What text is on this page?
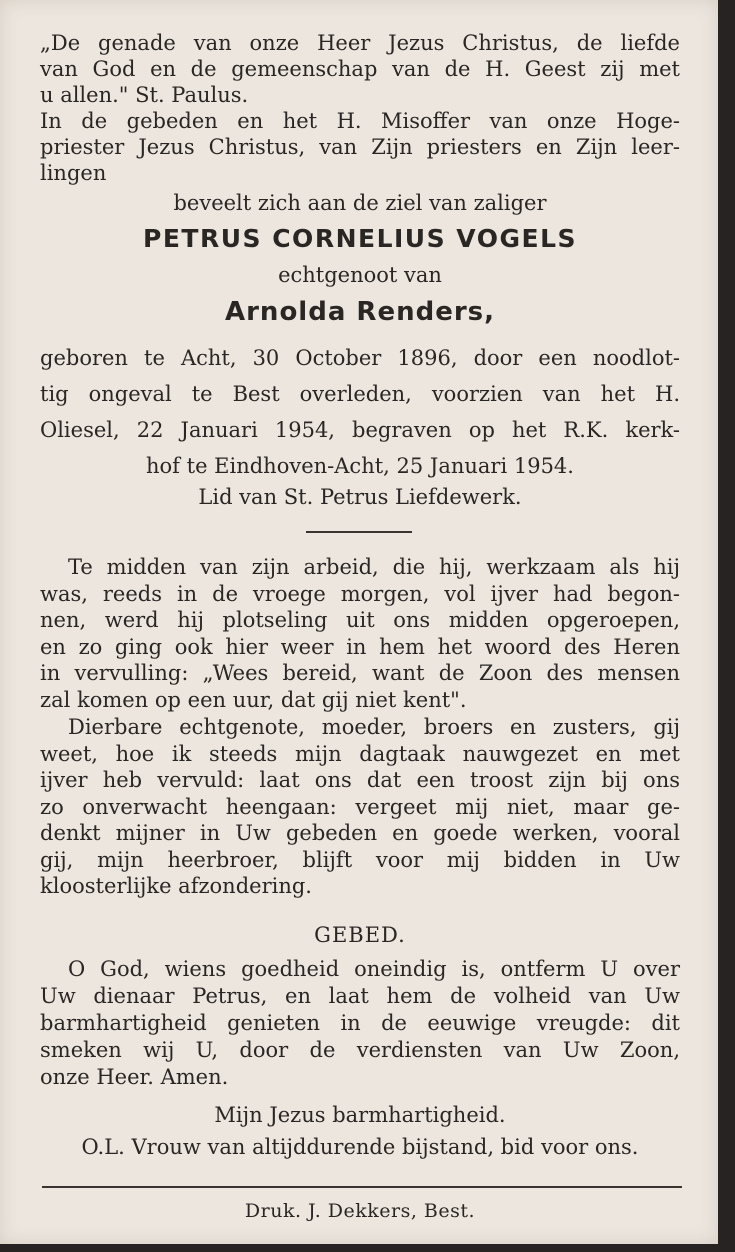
„De genade van onze Heer Jezus Christus, de liefde
van God en de gemeenschap van de H. Geest zij met
u allen." St. Paulus.
In de gebeden en het H. Misoffer van onze Hoge-
priester Jezus Christus, van Zijn priesters en Zijn leer-
lingen
beveelt zich aan de ziel van zaliger
PETRUS CORNELIUS VOGELS
echtgenoot van
Arnolda Renders,
geboren te Acht, 30 October 1896, door een noodlot-
tig ongeval te Best overleden, voorzien van het H.
Oliesel, 22 Januari 1954, begraven op het R.K. kerk-
hof te Eindhoven-Acht, 25 Januari 1954.
Lid van St. Petrus Liefdewerk.
Te midden van zijn arbeid, die hij, werkzaam als hij
was, reeds in de vroege morgen, vol ijver had begon-
nen, werd hij plotseling uit ons midden opgeroepen,
en zo ging ook hier weer in hem het woord des Heren
in vervulling: „Wees bereid, want de Zoon des mensen
zal komen op een uur, dat gij niet kent".
Dierbare echtgenote, moeder, broers en zusters, gij
weet, hoe ik steeds mijn dagtaak nauwgezet en met
ijver heb vervuld: laat ons dat een troost zijn bij ons
zo onverwacht heengaan: vergeet mij niet, maar ge-
denkt mijner in Uw gebeden en goede werken, vooral
gij, mijn heerbroer, blijft voor mij bidden in Uw
kloosterlijke afzondering.
GEBED.
O God, wiens goedheid oneindig is, ontferm U over
Uw dienaar Petrus, en laat hem de volheid van Uw
barmhartigheid genieten in de eeuwige vreugde: dit
smeken wij U, door de verdiensten van Uw Zoon,
onze Heer. Amen.
Mijn Jezus barmhartigheid.
O.L. Vrouw van altijddurende bijstand, bid voor ons.
Druk. J. Dekkers, Best.
